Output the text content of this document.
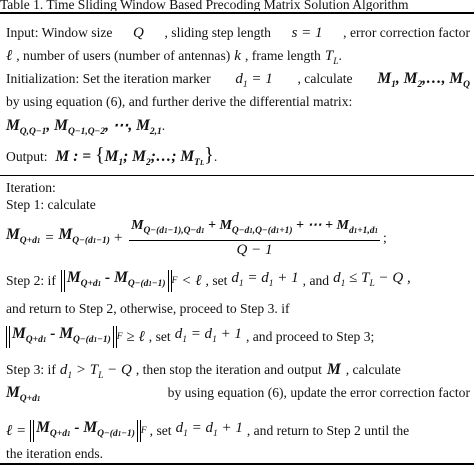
Table 1. Time Sliding Window Based Precoding Matrix Solution Algorithm
Input: Window size Q , sliding step length s = 1 , error correction factor
ℓ , number of users (number of antennas) k , frame length $T_L$ .
Initialization: Set the iteration marker $d_1 = 1$ , calculate $M_1$, $M_2,\dots$, $M_Q$
by using equation (6), and further derive the differential matrix:
$M_{Q,Q-1}$, $M_{Q-1,Q-2}$, ⋯, $M_{2,1}$ .
Output: M : = {$M_1$; $M_2;\dots$; $M_{TL}$} .
Iteration:
Step 1: calculate
$M_{Q+d1} = M_{Q-(d1-1)} + \frac{M_{Q-(d1-1),Q-d1} + M_{Q-d1,Q-(d1+1)} + \cdots + M_{d1+1,d1}}{Q - 1}$ ;
Step 2: if $M_{Q+d1} - M_{Q-(d1-1)}$ F < ℓ , set $d_1 = d_1 + 1$ , and $d_1 \le T_L - Q$ ,
and return to Step 2, otherwise, proceed to Step 3. if
$M_{Q+d1} - M_{Q-(d1-1)}$ F ≥ ℓ , set $d_1 = d_1 + 1$ , and proceed to Step 3;
Step 3: if $d_1 > T_L - Q$ , then stop the iteration and output M , calculate
$M_{Q+d1}$	by using equation (6), update the error correction factor
ℓ = $M_{Q+d1} - M_{Q-(d1-1)}$ F , set $d_1 = d_1 + 1$ , and return to Step 2 until the
the iteration ends.
